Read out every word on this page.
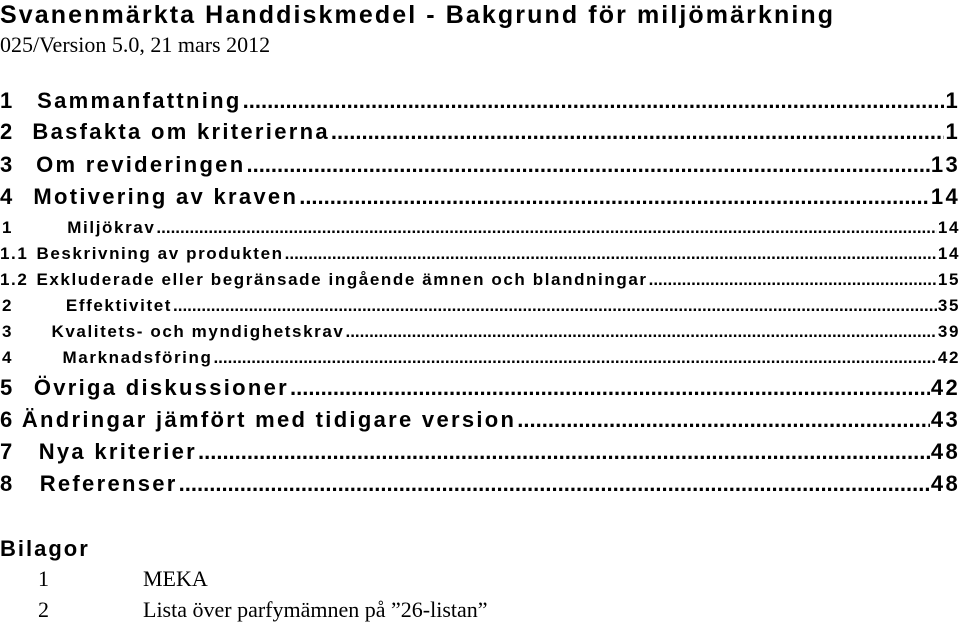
Svanenmärkta Handdiskmedel - Bakgrund för miljömärkning
025/Version 5.0, 21 mars 2012
1	Sammanfattning .....	1
2 Basfakta om kriterierna .....	1
3 Om revideringen .....	13
4 Motivering av kraven .....	14
1	Miljökrav .....	14
1.1 Beskrivning av produkten .....	14
1.2 Exkluderade eller begränsade ingående ämnen och blandningar .....	15
2	Effektivitet .....	35
3	Kvalitets- och myndighetskrav .....	39
4	Marknadsföring .....	42
5 Övriga diskussioner .....	42
6 Ändringar jämfört med tidigare version .....	43
7	Nya kriterier .....	48
8	Referenser .....	48
Bilagor
1	MEKA
2	Lista över parfymämnen på ”26-listan”
